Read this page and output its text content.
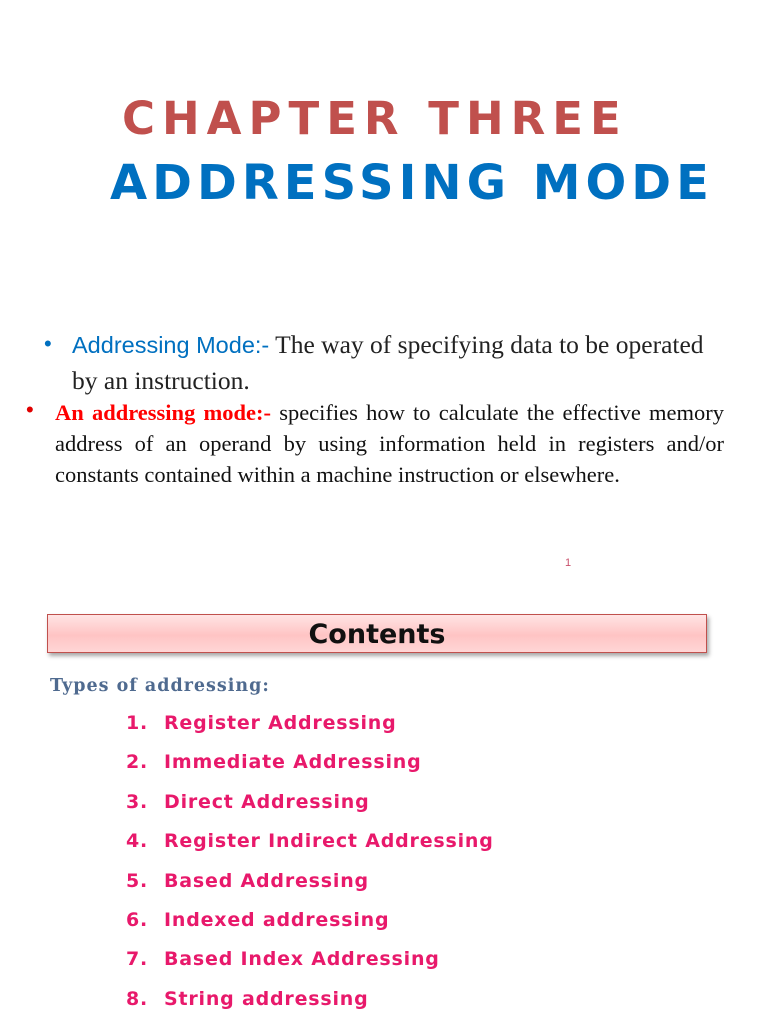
CHAPTER THREE
ADDRESSING MODE
• Addressing Mode:- The way of specifying data to be operated by an instruction.
• An addressing mode:- specifies how to calculate the effective memory address of an operand by using information held in registers and/or constants contained within a machine instruction or elsewhere.
1
Contents
Types of addressing:
1. Register Addressing
2. Immediate Addressing
3. Direct Addressing
4. Register Indirect Addressing
5. Based Addressing
6. Indexed addressing
7. Based Index Addressing
8. String addressing
